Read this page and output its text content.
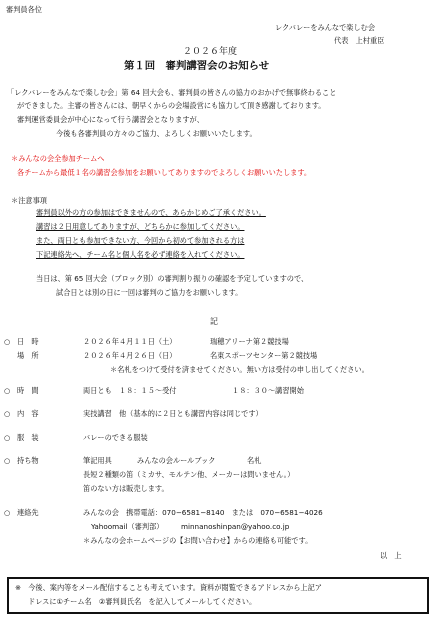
審判員各位
レクバレーをみんなで楽しむ会
代表　上村重臣
２０２６年度
第１回　審判講習会のお知らせ
「レクバレーをみんなで楽しむ会」第 64 回大会も、審判員の皆さんの協力のおかげで無事終わること
ができました。主審の皆さんには、朝早くからの会場設営にも協力して頂き感謝しております。
審判運営委員会が中心になって行う講習会となりますが、
今後も各審判員の方々のご協力、よろしくお願いいたします。
＊みんなの会全参加チームへ
各チームから最低１名の講習会参加をお願いしてありますのでよろしくお願いいたします。
＊注意事項
審判員以外の方の参加はできませんので、あらかじめご了承ください。
講習は２日用意してありますが、どちらかに参加してください。
また、両日とも参加できない方、今回から初めて参加される方は
下記連絡先へ、チーム名と個人名を必ず連絡を入れてください。
当日は、第 65 回大会（ブロック別）の審判割り振りの確認を予定していますので、
試合日とは別の日に一回は審判のご協力をお願いします。
記
○ 日　時	２０２６年４月１１日（土）	瑞穂アリーナ第２競技場
場　所	２０２６年４月２６日（日）	名東スポーツセンター第２競技場
＊名札をつけて受付を済ませてください。無い方は受付の申し出してください。
○ 時　間	両日とも　１８：１５～受付	１８：３０～講習開始
○ 内　容	実技講習　他（基本的に２日とも講習内容は同じです）
○ 服　装	バレーのできる服装
○ 持ち物	筆記用具	みんなの会ルールブック	名札
長短２種類の笛（ミカサ、モルテン他、メーカーは問いません。）
笛のない方は販売します。
○ 連絡先	みんなの会　携帯電話：070−6581−8140　または　070−6581−4026
Yahoomail（審判部） minnanoshinpan@yahoo.co.jp
＊みんなの会ホームページの【お問い合わせ】からの連絡も可能です。
以　上
※　今後、案内等をメール配信することも考えています。資料が閲覧できるアドレスから上記ア
ドレスに①チーム名　②審判員氏名　を記入してメールしてください。
